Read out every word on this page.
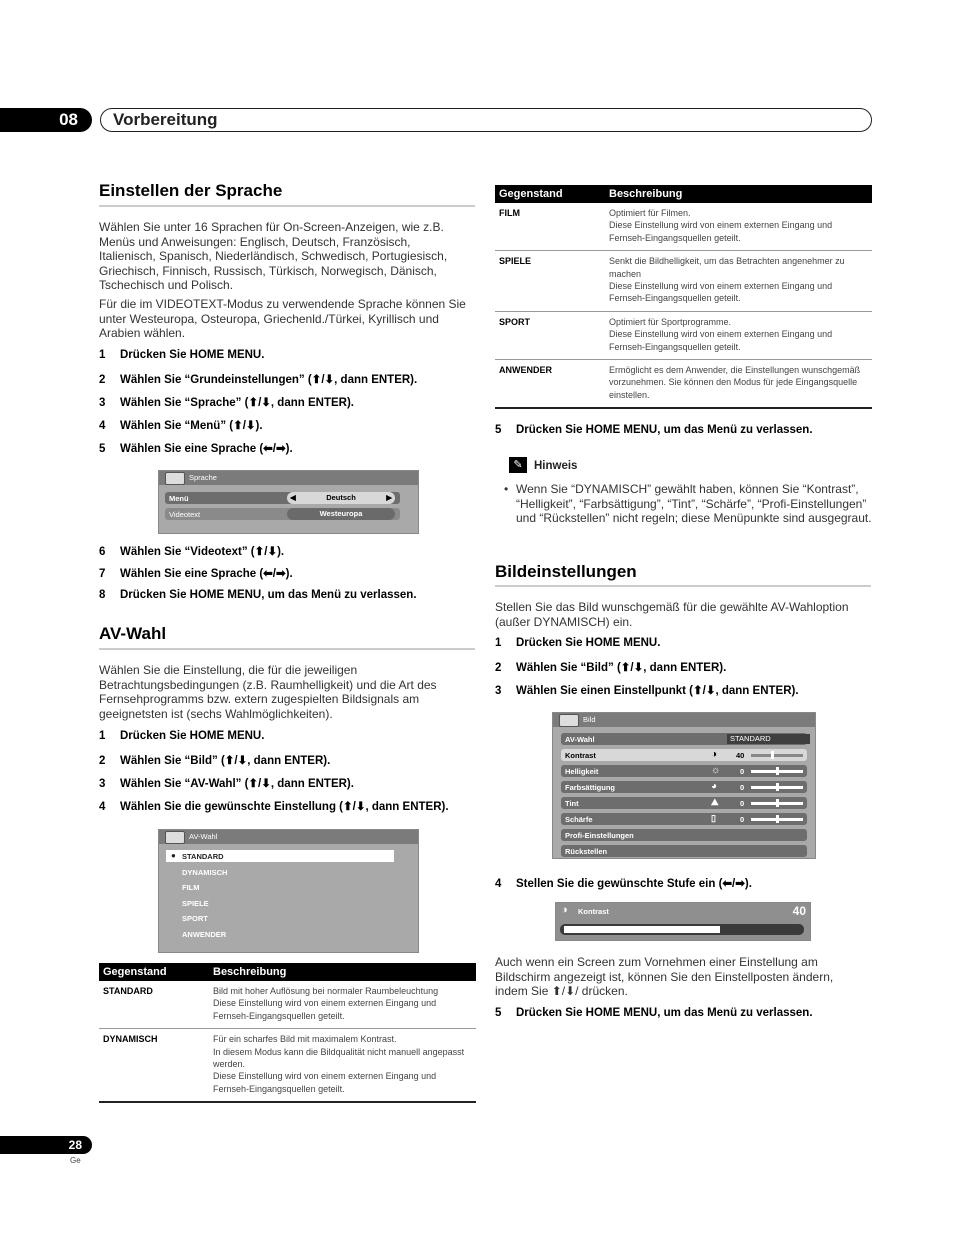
08 Vorbereitung
Einstellen der Sprache

Wählen Sie unter 16 Sprachen für On-Screen-Anzeigen, wie z.B. Menüs und Anweisungen: Englisch, Deutsch, Französisch, Italienisch, Spanisch, Niederländisch, Schwedisch, Portugiesisch, Griechisch, Finnisch, Russisch, Türkisch, Norwegisch, Dänisch, Tschechisch und Polisch.

Für die im VIDEOTEXT-Modus zu verwendende Sprache können Sie unter Westeuropa, Osteuropa, Griechenld./Türkei, Kyrillisch und Arabien wählen.

1 Drücken Sie HOME MENU.
2 Wählen Sie “Grundeinstellungen” (⬆/⬇, dann ENTER).
3 Wählen Sie “Sprache” (⬆/⬇, dann ENTER).
4 Wählen Sie “Menü” (⬆/⬇).
5 Wählen Sie eine Sprache (⬅/➡).
Sprache
Menü	◀	Deutsch	▶
Videotext	Westeuropa
6 Wählen Sie “Videotext” (⬆/⬇).
7 Wählen Sie eine Sprache (⬅/➡).
8 Drücken Sie HOME MENU, um das Menü zu verlassen.
AV-Wahl

Wählen Sie die Einstellung, die für die jeweiligen Betrachtungsbedingungen (z.B. Raumhelligkeit) und die Art des Fernsehprogramms bzw. extern zugespielten Bildsignals am geeignetsten ist (sechs Wahlmöglichkeiten).

1 Drücken Sie HOME MENU.
2 Wählen Sie “Bild” (⬆/⬇, dann ENTER).
3 Wählen Sie “AV-Wahl” (⬆/⬇, dann ENTER).
4 Wählen Sie die gewünschte Einstellung (⬆/⬇, dann ENTER).
AV-Wahl
● STANDARD
DYNAMISCH
FILM
SPIELE
SPORT
ANWENDER
Gegenstand	Beschreibung
STANDARD	Bild mit hoher Auflösung bei normaler Raumbeleuchtung
Diese Einstellung wird von einem externen Eingang und Fernseh-Eingangsquellen geteilt.
DYNAMISCH	Für ein scharfes Bild mit maximalem Kontrast.
In diesem Modus kann die Bildqualität nicht manuell angepasst werden.
Diese Einstellung wird von einem externen Eingang und Fernseh-Eingangsquellen geteilt.
Gegenstand	Beschreibung
FILM	Optimiert für Filmen.
Diese Einstellung wird von einem externen Eingang und Fernseh-Eingangsquellen geteilt.
SPIELE	Senkt die Bildhelligkeit, um das Betrachten angenehmer zu machen
Diese Einstellung wird von einem externen Eingang und Fernseh-Eingangsquellen geteilt.
SPORT	Optimiert für Sportprogramme.
Diese Einstellung wird von einem externen Eingang und Fernseh-Eingangsquellen geteilt.
ANWENDER	Ermöglicht es dem Anwender, die Einstellungen wunschgemäß vorzunehmen. Sie können den Modus für jede Eingangsquelle einstellen.
5 Drücken Sie HOME MENU, um das Menü zu verlassen.
✎ Hinweis
• Wenn Sie “DYNAMISCH” gewählt haben, können Sie “Kontrast”, “Helligkeit”, “Farbsättigung”, “Tint”, “Schärfe”, “Profi-Einstellungen” und “Rückstellen” nicht regeln; diese Menüpunkte sind ausgegraut.

Bildeinstellungen

Stellen Sie das Bild wunschgemäß für die gewählte AV-Wahloption (außer DYNAMISCH) ein.

1 Drücken Sie HOME MENU.
2 Wählen Sie “Bild” (⬆/⬇, dann ENTER).
3 Wählen Sie einen Einstellpunkt (⬆/⬇, dann ENTER).
Bild
AV-Wahl	STANDARD
Kontrast	◑	40
Helligkeit	☼	0
Farbsättigung	◕	0
Tint	⛰	0
Schärfe	▯	0
Profi-Einstellungen
Rückstellen
4 Stellen Sie die gewünschte Stufe ein (⬅/➡).
◑ Kontrast	40

Auch wenn ein Screen zum Vornehmen einer Einstellung am Bildschirm angezeigt ist, können Sie den Einstellposten ändern, indem Sie ⬆/⬇/ drücken.

5 Drücken Sie HOME MENU, um das Menü zu verlassen.
28
Ge
